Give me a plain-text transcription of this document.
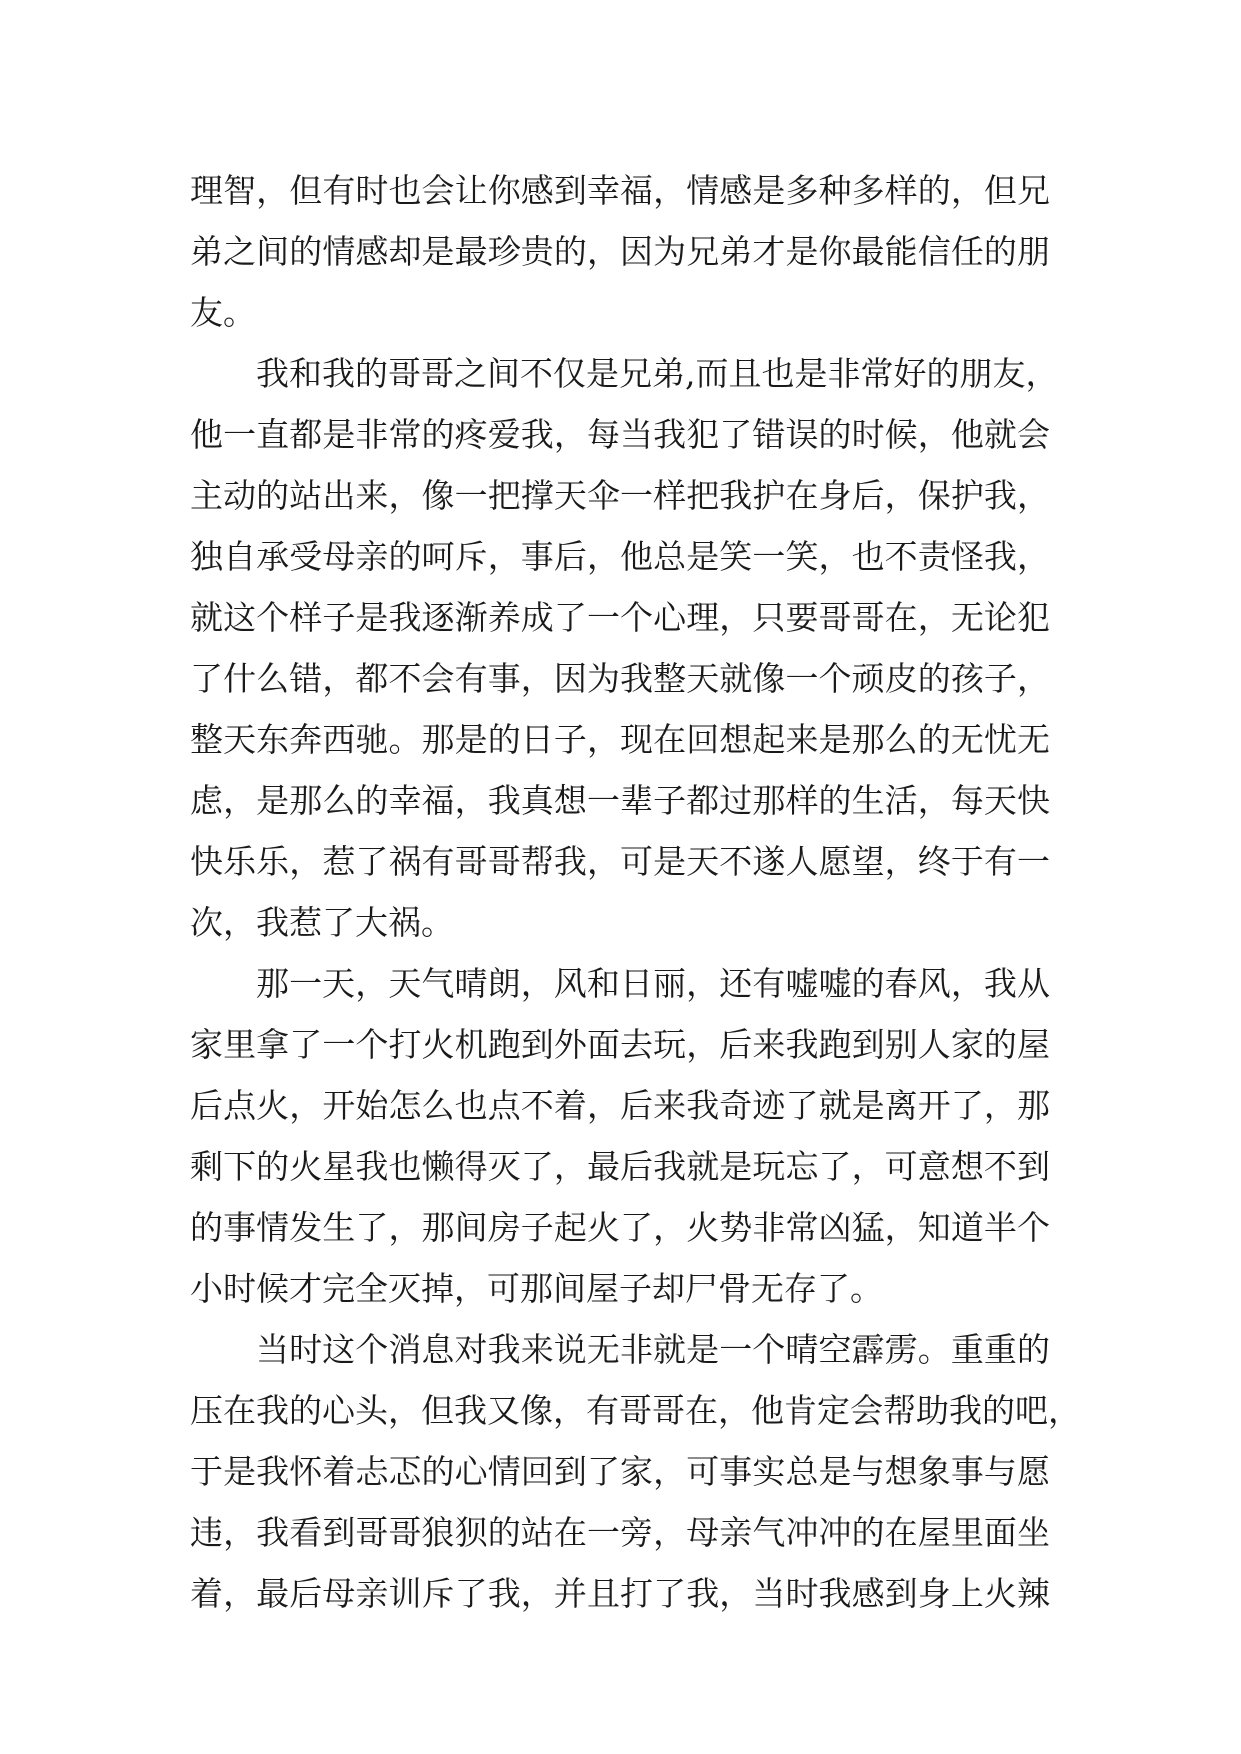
理智，但有时也会让你感到幸福，情感是多种多样的，但兄
弟之间的情感却是最珍贵的，因为兄弟才是你最能信任的朋
友。
我和我的哥哥之间不仅是兄弟,而且也是非常好的朋友，
他一直都是非常的疼爱我，每当我犯了错误的时候，他就会
主动的站出来，像一把撑天伞一样把我护在身后，保护我，
独自承受母亲的呵斥，事后，他总是笑一笑，也不责怪我，
就这个样子是我逐渐养成了一个心理，只要哥哥在，无论犯
了什么错，都不会有事，因为我整天就像一个顽皮的孩子，
整天东奔西驰。那是的日子，现在回想起来是那么的无忧无
虑，是那么的幸福，我真想一辈子都过那样的生活，每天快
快乐乐，惹了祸有哥哥帮我，可是天不遂人愿望，终于有一
次，我惹了大祸。
那一天，天气晴朗，风和日丽，还有嘘嘘的春风，我从
家里拿了一个打火机跑到外面去玩，后来我跑到别人家的屋
后点火，开始怎么也点不着，后来我奇迹了就是离开了，那
剩下的火星我也懒得灭了，最后我就是玩忘了，可意想不到
的事情发生了，那间房子起火了，火势非常凶猛，知道半个
小时候才完全灭掉，可那间屋子却尸骨无存了。
当时这个消息对我来说无非就是一个晴空霹雳。重重的
压在我的心头，但我又像，有哥哥在，他肯定会帮助我的吧，
于是我怀着忐忑的心情回到了家，可事实总是与想象事与愿
违，我看到哥哥狼狈的站在一旁，母亲气冲冲的在屋里面坐
着，最后母亲训斥了我，并且打了我，当时我感到身上火辣
